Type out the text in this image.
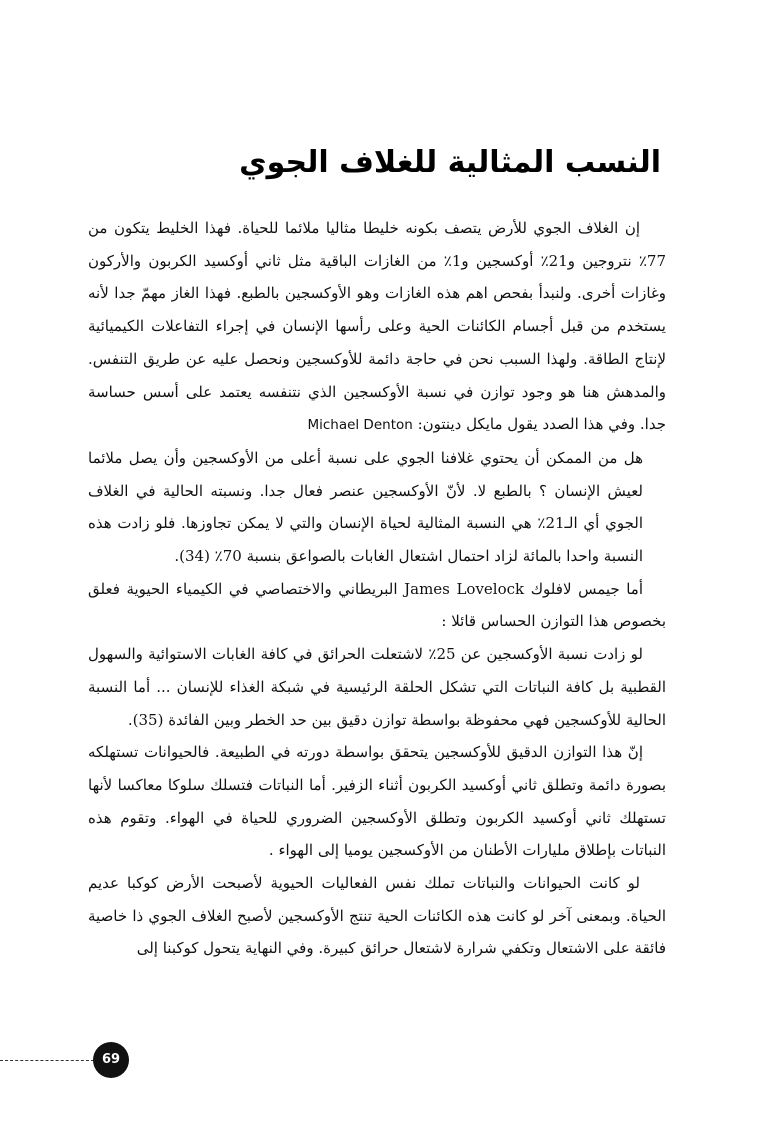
النسب المثالية للغلاف الجوي

إن الغلاف الجوي للأرض يتصف بكونه خليطا مثاليا ملائما للحياة. فهذا الخليط يتكون من 77٪ نتروجين و21٪ أوكسجين و1٪ من الغازات الباقية مثل ثاني أوكسيد الكربون والأركون وغازات أخرى. ولنبدأ بفحص اهم هذه الغازات وهو الأوكسجين بالطبع. فهذا الغاز مهمّ جدا لأنه يستخدم من قبل أجسام الكائنات الحية وعلى رأسها الإنسان في إجراء التفاعلات الكيميائية لإنتاج الطاقة. ولهذا السبب نحن في حاجة دائمة للأوكسجين ونحصل عليه عن طريق التنفس. والمدهش هنا هو وجود توازن في نسبة الأوكسجين الذي نتنفسه يعتمد على أسس حساسة جدا. وفي هذا الصدد يقول مايكل دينتون: Michael Denton

هل من الممكن أن يحتوي غلافنا الجوي على نسبة أعلى من الأوكسجين وأن يصل ملائما لعيش الإنسان ؟ بالطبع لا. لأنّ الأوكسجين عنصر فعال جدا. ونسبته الحالية في الغلاف الجوي أي الـ21٪ هي النسبة المثالية لحياة الإنسان والتي لا يمكن تجاوزها. فلو زادت هذه النسبة واحدا بالمائة لزاد احتمال اشتعال الغابات بالصواعق بنسبة 70٪ (34).

أما جيمس لافلوك James Lovelock البريطاني والاختصاصي في الكيمياء الحيوية فعلق بخصوص هذا التوازن الحساس قائلا :

لو زادت نسبة الأوكسجين عن 25٪ لاشتعلت الحرائق في كافة الغابات الاستوائية والسهول القطبية بل كافة النباتات التي تشكل الحلقة الرئيسية في شبكة الغذاء للإنسان ... أما النسبة الحالية للأوكسجين فهي محفوظة بواسطة توازن دقيق بين حد الخطر وبين الفائدة (35).

إنّ هذا التوازن الدقيق للأوكسجين يتحقق بواسطة دورته في الطبيعة. فالحيوانات تستهلكه بصورة دائمة وتطلق ثاني أوكسيد الكربون أثناء الزفير. أما النباتات فتسلك سلوكا معاكسا لأنها تستهلك ثاني أوكسيد الكربون وتطلق الأوكسجين الضروري للحياة في الهواء. وتقوم هذه النباتات بإطلاق مليارات الأطنان من الأوكسجين يوميا إلى الهواء .

لو كانت الحيوانات والنباتات تملك نفس الفعاليات الحيوية لأصبحت الأرض كوكبا عديم الحياة. وبمعنى آخر لو كانت هذه الكائنات الحية تنتج الأوكسجين لأصبح الغلاف الجوي ذا خاصية فائقة على الاشتعال وتكفي شرارة لاشتعال حرائق كبيرة. وفي النهاية يتحول كوكبنا إلى

69
